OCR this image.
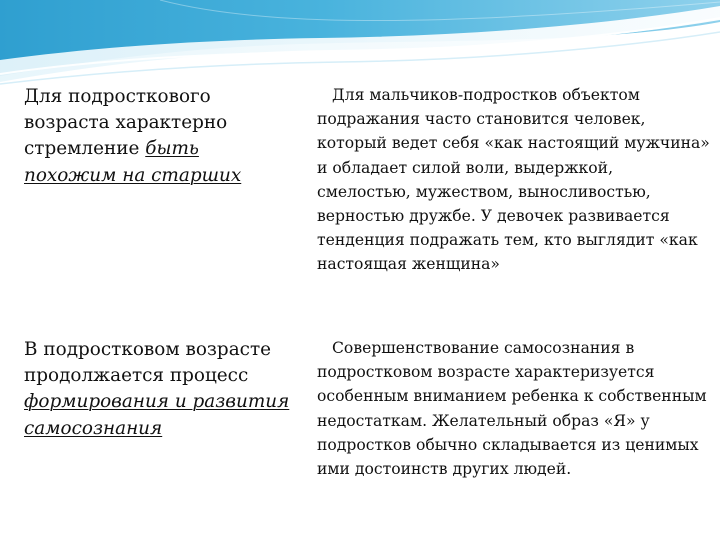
Для подросткового возраста характерно стремление быть похожим на старших
Для мальчиков-подростков объектом подражания часто становится человек, который ведет себя «как настоящий мужчина» и обладает силой воли, выдержкой, смелостью, мужеством, выносливостью, верностью дружбе. У девочек развивается тенденция подражать тем, кто выглядит «как настоящая женщина»
В подростковом возрасте продолжается процесс формирования и развития самосознания
Совершенствование самосознания в подростковом возрасте характеризуется особенным вниманием ребенка к собственным недостаткам. Желательный образ «Я» у подростков обычно складывается из ценимых ими достоинств других людей.
